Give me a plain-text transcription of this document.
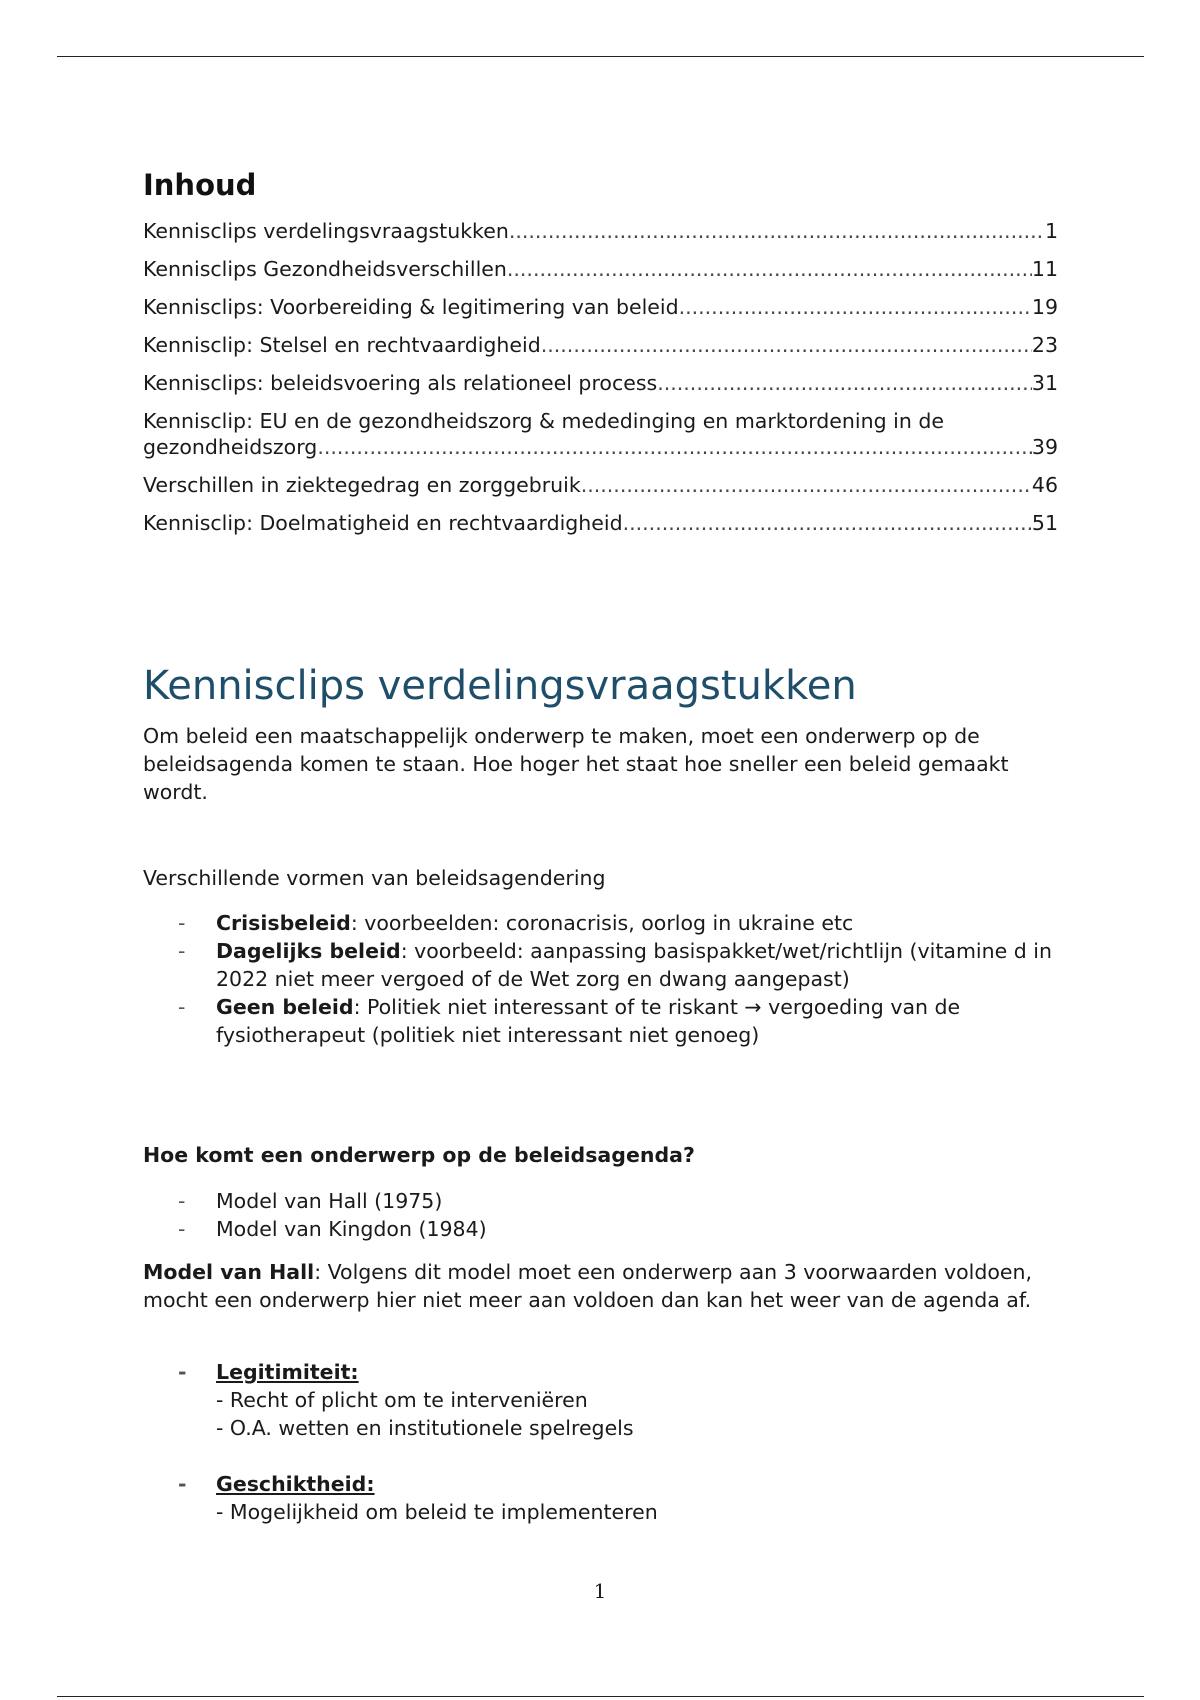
Inhoud
Kennisclips verdelingsvraagstukken .....	1
Kennisclips Gezondheidsverschillen .....	11
Kennisclips: Voorbereiding & legitimering van beleid .....	19
Kennisclip: Stelsel en rechtvaardigheid .....	23
Kennisclips: beleidsvoering als relationeel process .....	31
Kennisclip: EU en de gezondheidszorg & mededinging en marktordening in de
gezondheidszorg .....	39
Verschillen in ziektegedrag en zorggebruik .....	46
Kennisclip: Doelmatigheid en rechtvaardigheid .....	51
Kennisclips verdelingsvraagstukken

Om beleid een maatschappelijk onderwerp te maken, moet een onderwerp op de beleidsagenda komen te staan. Hoe hoger het staat hoe sneller een beleid gemaakt wordt.

Verschillende vormen van beleidsagendering

- Crisisbeleid: voorbeelden: coronacrisis, oorlog in ukraine etc
- Dagelijks beleid: voorbeeld: aanpassing basispakket/wet/richtlijn (vitamine d in 2022 niet meer vergoed of de Wet zorg en dwang aangepast)
- Geen beleid: Politiek niet interessant of te riskant → vergoeding van de fysiotherapeut (politiek niet interessant niet genoeg)

Hoe komt een onderwerp op de beleidsagenda?

- Model van Hall (1975)
- Model van Kingdon (1984)

Model van Hall: Volgens dit model moet een onderwerp aan 3 voorwaarden voldoen, mocht een onderwerp hier niet meer aan voldoen dan kan het weer van de agenda af.

- Legitimiteit:
- Recht of plicht om te interveniëren
- O.A. wetten en institutionele spelregels
- Geschiktheid:
- Mogelijkheid om beleid te implementeren
1
